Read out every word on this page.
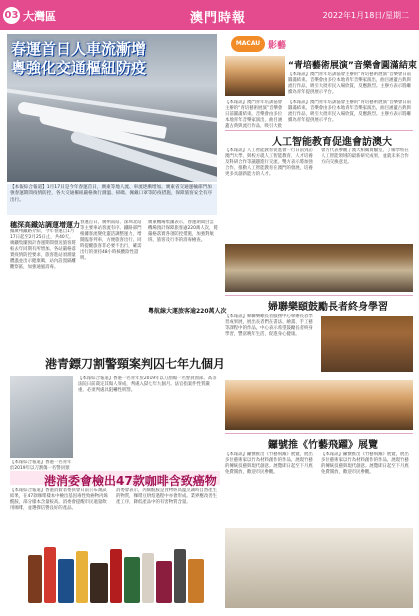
03 大灣區	澳門時報	2022年1月18日/星期二
春運首日人車流漸增
粵強化交通樞紐防疫
【本報綜合報道】1月17日是今年春運首日，廣東等地人流、車流逐漸增加。廣東省交通運輸部門加強春運期間疫情防控，各大交通樞紐嚴格執行測溫、掃碼、佩戴口罩等防疫措施，保障旅客安全有序出行。
穗深高鐵站調運增運力
據廣州鐵路介紹，今年春運自1月17日起至2月25日止，共40天。廣鐵集團預計春運期間發送旅客將較去年同期有所增加。各站嚴格落實疫情防控要求，旅客進站須測量體溫並出示健康碼，站內設置隔離觀察區，加強通風消毒。
春運首日，廣州南站、深圳北站等主要車站客流有序。鐵路部門根據客流變化靈活調整運力，增開臨客列車，方便旅客出行。同時提醒旅客非必要不出行，確需出行的須持48小時核酸陰性證明。
廣東機場集團表示，春運期間白雲機場預計保障旅客逾220萬人次，將嚴格落實各項防控措施，加強對航班、旅客及行李的消毒檢查。
粵航線大運旅客逾220萬人次
港青鏢刀割警頸案判囚七年九個月
【本報綜合報道】香港一名青年於2019年以刀割傷一名警員頸
【本報綜合報道】香港一名青年於2019年以刀割傷一名警員頸部，高等法院日前裁定其傷人罪成，判處入獄七年九個月。法官指案件性質嚴重，必須判處具阻嚇性刑罰。
港消委會檢出47款咖啡含致癌物
【本報綜合報道】香港消費者委員會日前公布測試結果，在47款咖啡樣本中檢出基因毒性致癌物丙烯酰胺，部分樣本含量較高。消委會提醒市民適量飲用咖啡，並選擇信譽良好的產品。
消委會表示，丙烯酰胺是食物經高溫烹調時自然產生的物質，咖啡豆烘焙過程中亦會形成。業界應改善生產工序，降低產品中的有害物質含量。
MACAU 影藝
“青培藝術展演”音樂會圓滿結束
【本報訊】澳門青年培訓協會主辦的“青培藝術展演”音樂會日前圓滿結束。音樂會由多位本地青年音樂家演出，曲目涵蓋古典與流行作品，吸引大批市民入場欣賞，反應熱烈。主辦方表示將繼續為青年提供展示平台。
【本報訊】澳門青年培訓協會主辦的“青培藝術展演”音樂會日前圓滿結束。音樂會由多位本地青年音樂家演出，曲目涵蓋古典與流行作品，吸引大批
【本報訊】澳門青年培訓協會主辦的“青培藝術展演”音樂會日前圓滿結束。音樂會由多位本地青年音樂家演出，曲目涵蓋古典與流行作品，吸引大批市民入場欣賞，反應熱烈。主辦方表示將繼續為青年提供展示平台。
人工智能教育促進會訪澳大
【本報訊】人工智能教育促進會一行日前到訪澳門大學，與校方就人工智能教育、人才培養及科研合作等議題進行交流。雙方表示將加強合作，推動人工智能教育在澳門的發展，培養更多具創新能力的人才。
會方代表參觀了澳大相關實驗室，了解學校在人工智能領域的最新研究成果，並就未來合作方向交換意見。
婦聯樂頤鼓勵長者終身學習
【本報訊】婦聯樂頤長者服務中心舉辦長者學習成果展，展出長者們在書法、繪畫、手工藝等課程中的作品。中心表示希望鼓勵長者終身學習，豐富晚年生活，促進身心健康。
鑼號推《竹藝飛躍》展覽
【本報訊】鑼號推出《竹藝飛躍》展覽，展出多位藝術家以竹為材料創作的作品，展現竹藝的傳統技藝與現代創意。展覽即日起至下月底免費開放，歡迎市民參觀。
【本報訊】鑼號推出《竹藝飛躍》展覽，展出多位藝術家以竹為材料創作的作品，展現竹藝的傳統技藝與現代創意。展覽即日起至下月底免費開放，歡迎市民參觀。
